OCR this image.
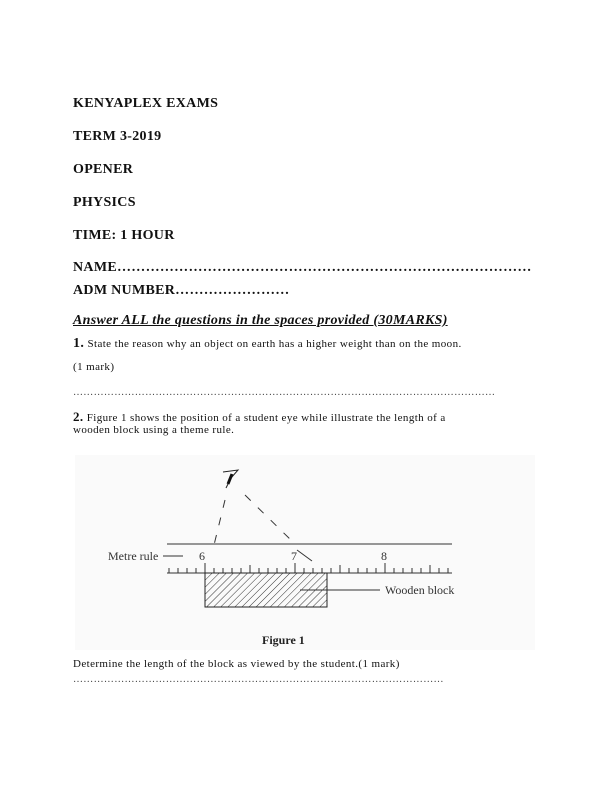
KENYAPLEX EXAMS
TERM 3-2019
OPENER
PHYSICS
TIME: 1 HOUR
NAME……………………………………………………………………………
ADM NUMBER……………………
Answer ALL the questions in the spaces provided (30MARKS)
1. State the reason why an object on earth has a higher weight than on the moon.
(1 mark)
……………………………………………………………………………………………………………
2. Figure 1 shows the position of a student eye while illustrate the length of a
wooden block using a theme rule.
Metre rule	6	7	8
Wooden block
Figure 1
Determine the length of the block as viewed by the student.(1 mark)
………………………………………………………………………………………………
